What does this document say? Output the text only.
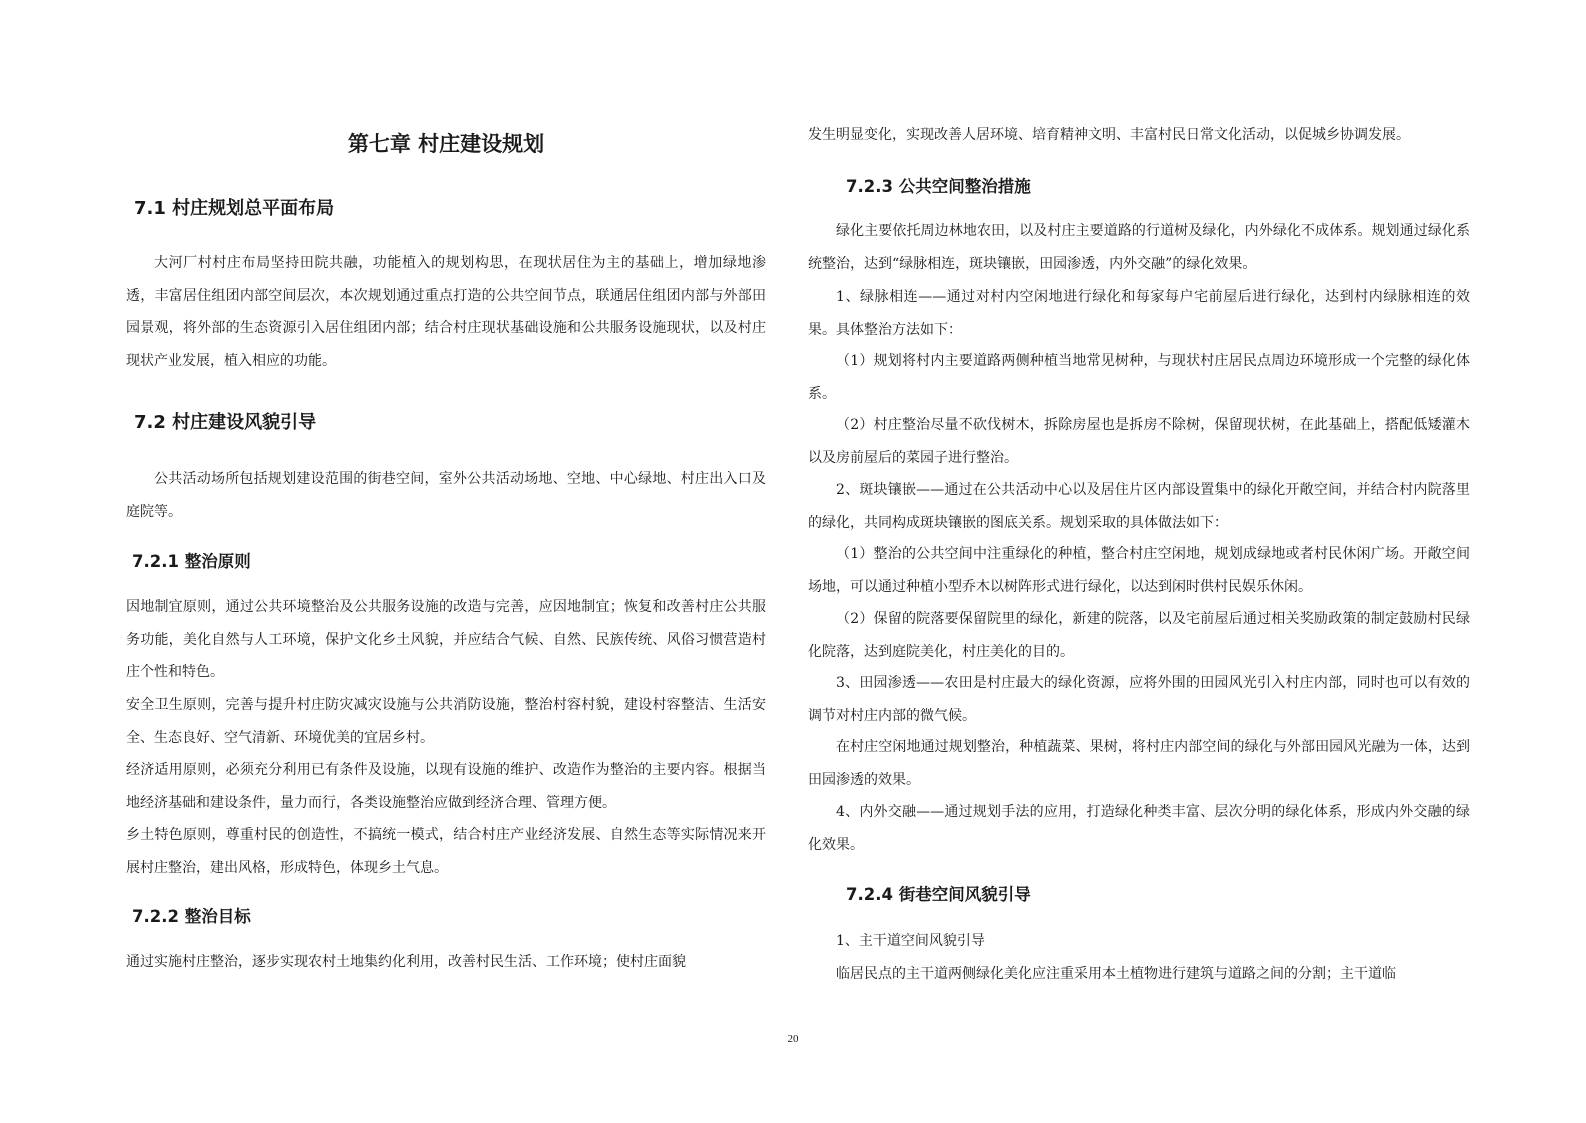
第七章 村庄建设规划
7.1 村庄规划总平面布局

大河厂村村庄布局坚持田院共融，功能植入的规划构思，在现状居住为主的基础上，增加绿地渗透，丰富居住组团内部空间层次，本次规划通过重点打造的公共空间节点，联通居住组团内部与外部田园景观，将外部的生态资源引入居住组团内部；结合村庄现状基础设施和公共服务设施现状，以及村庄现状产业发展，植入相应的功能。

7.2 村庄建设风貌引导

公共活动场所包括规划建设范围的街巷空间，室外公共活动场地、空地、中心绿地、村庄出入口及庭院等。

7.2.1 整治原则

因地制宜原则，通过公共环境整治及公共服务设施的改造与完善，应因地制宜；恢复和改善村庄公共服务功能，美化自然与人工环境，保护文化乡土风貌，并应结合气候、自然、民族传统、风俗习惯营造村庄个性和特色。

安全卫生原则，完善与提升村庄防灾减灾设施与公共消防设施，整治村容村貌，建设村容整洁、生活安全、生态良好、空气清新、环境优美的宜居乡村。

经济适用原则，必须充分利用已有条件及设施，以现有设施的维护、改造作为整治的主要内容。根据当地经济基础和建设条件，量力而行，各类设施整治应做到经济合理、管理方便。

乡土特色原则，尊重村民的创造性，不搞统一模式，结合村庄产业经济发展、自然生态等实际情况来开展村庄整治，建出风格，形成特色，体现乡土气息。

7.2.2 整治目标

通过实施村庄整治，逐步实现农村土地集约化利用，改善村民生活、工作环境；使村庄面貌

发生明显变化，实现改善人居环境、培育精神文明、丰富村民日常文化活动，以促城乡协调发展。
7.2.3 公共空间整治措施

绿化主要依托周边林地农田，以及村庄主要道路的行道树及绿化，内外绿化不成体系。规划通过绿化系统整治，达到“绿脉相连，斑块镶嵌，田园渗透，内外交融”的绿化效果。

1、绿脉相连——通过对村内空闲地进行绿化和每家每户宅前屋后进行绿化，达到村内绿脉相连的效果。具体整治方法如下：

（1）规划将村内主要道路两侧种植当地常见树种，与现状村庄居民点周边环境形成一个完整的绿化体系。

（2）村庄整治尽量不砍伐树木，拆除房屋也是拆房不除树，保留现状树，在此基础上，搭配低矮灌木以及房前屋后的菜园子进行整治。

2、斑块镶嵌——通过在公共活动中心以及居住片区内部设置集中的绿化开敞空间，并结合村内院落里的绿化，共同构成斑块镶嵌的图底关系。规划采取的具体做法如下：

（1）整治的公共空间中注重绿化的种植，整合村庄空闲地，规划成绿地或者村民休闲广场。开敞空间场地，可以通过种植小型乔木以树阵形式进行绿化，以达到闲时供村民娱乐休闲。

（2）保留的院落要保留院里的绿化，新建的院落，以及宅前屋后通过相关奖励政策的制定鼓励村民绿化院落，达到庭院美化，村庄美化的目的。

3、田园渗透——农田是村庄最大的绿化资源，应将外围的田园风光引入村庄内部，同时也可以有效的调节对村庄内部的微气候。

在村庄空闲地通过规划整治，种植蔬菜、果树，将村庄内部空间的绿化与外部田园风光融为一体，达到田园渗透的效果。

4、内外交融——通过规划手法的应用，打造绿化种类丰富、层次分明的绿化体系，形成内外交融的绿化效果。

7.2.4 街巷空间风貌引导
1、主干道空间风貌引导
临居民点的主干道两侧绿化美化应注重采用本土植物进行建筑与道路之间的分割；主干道临
20
